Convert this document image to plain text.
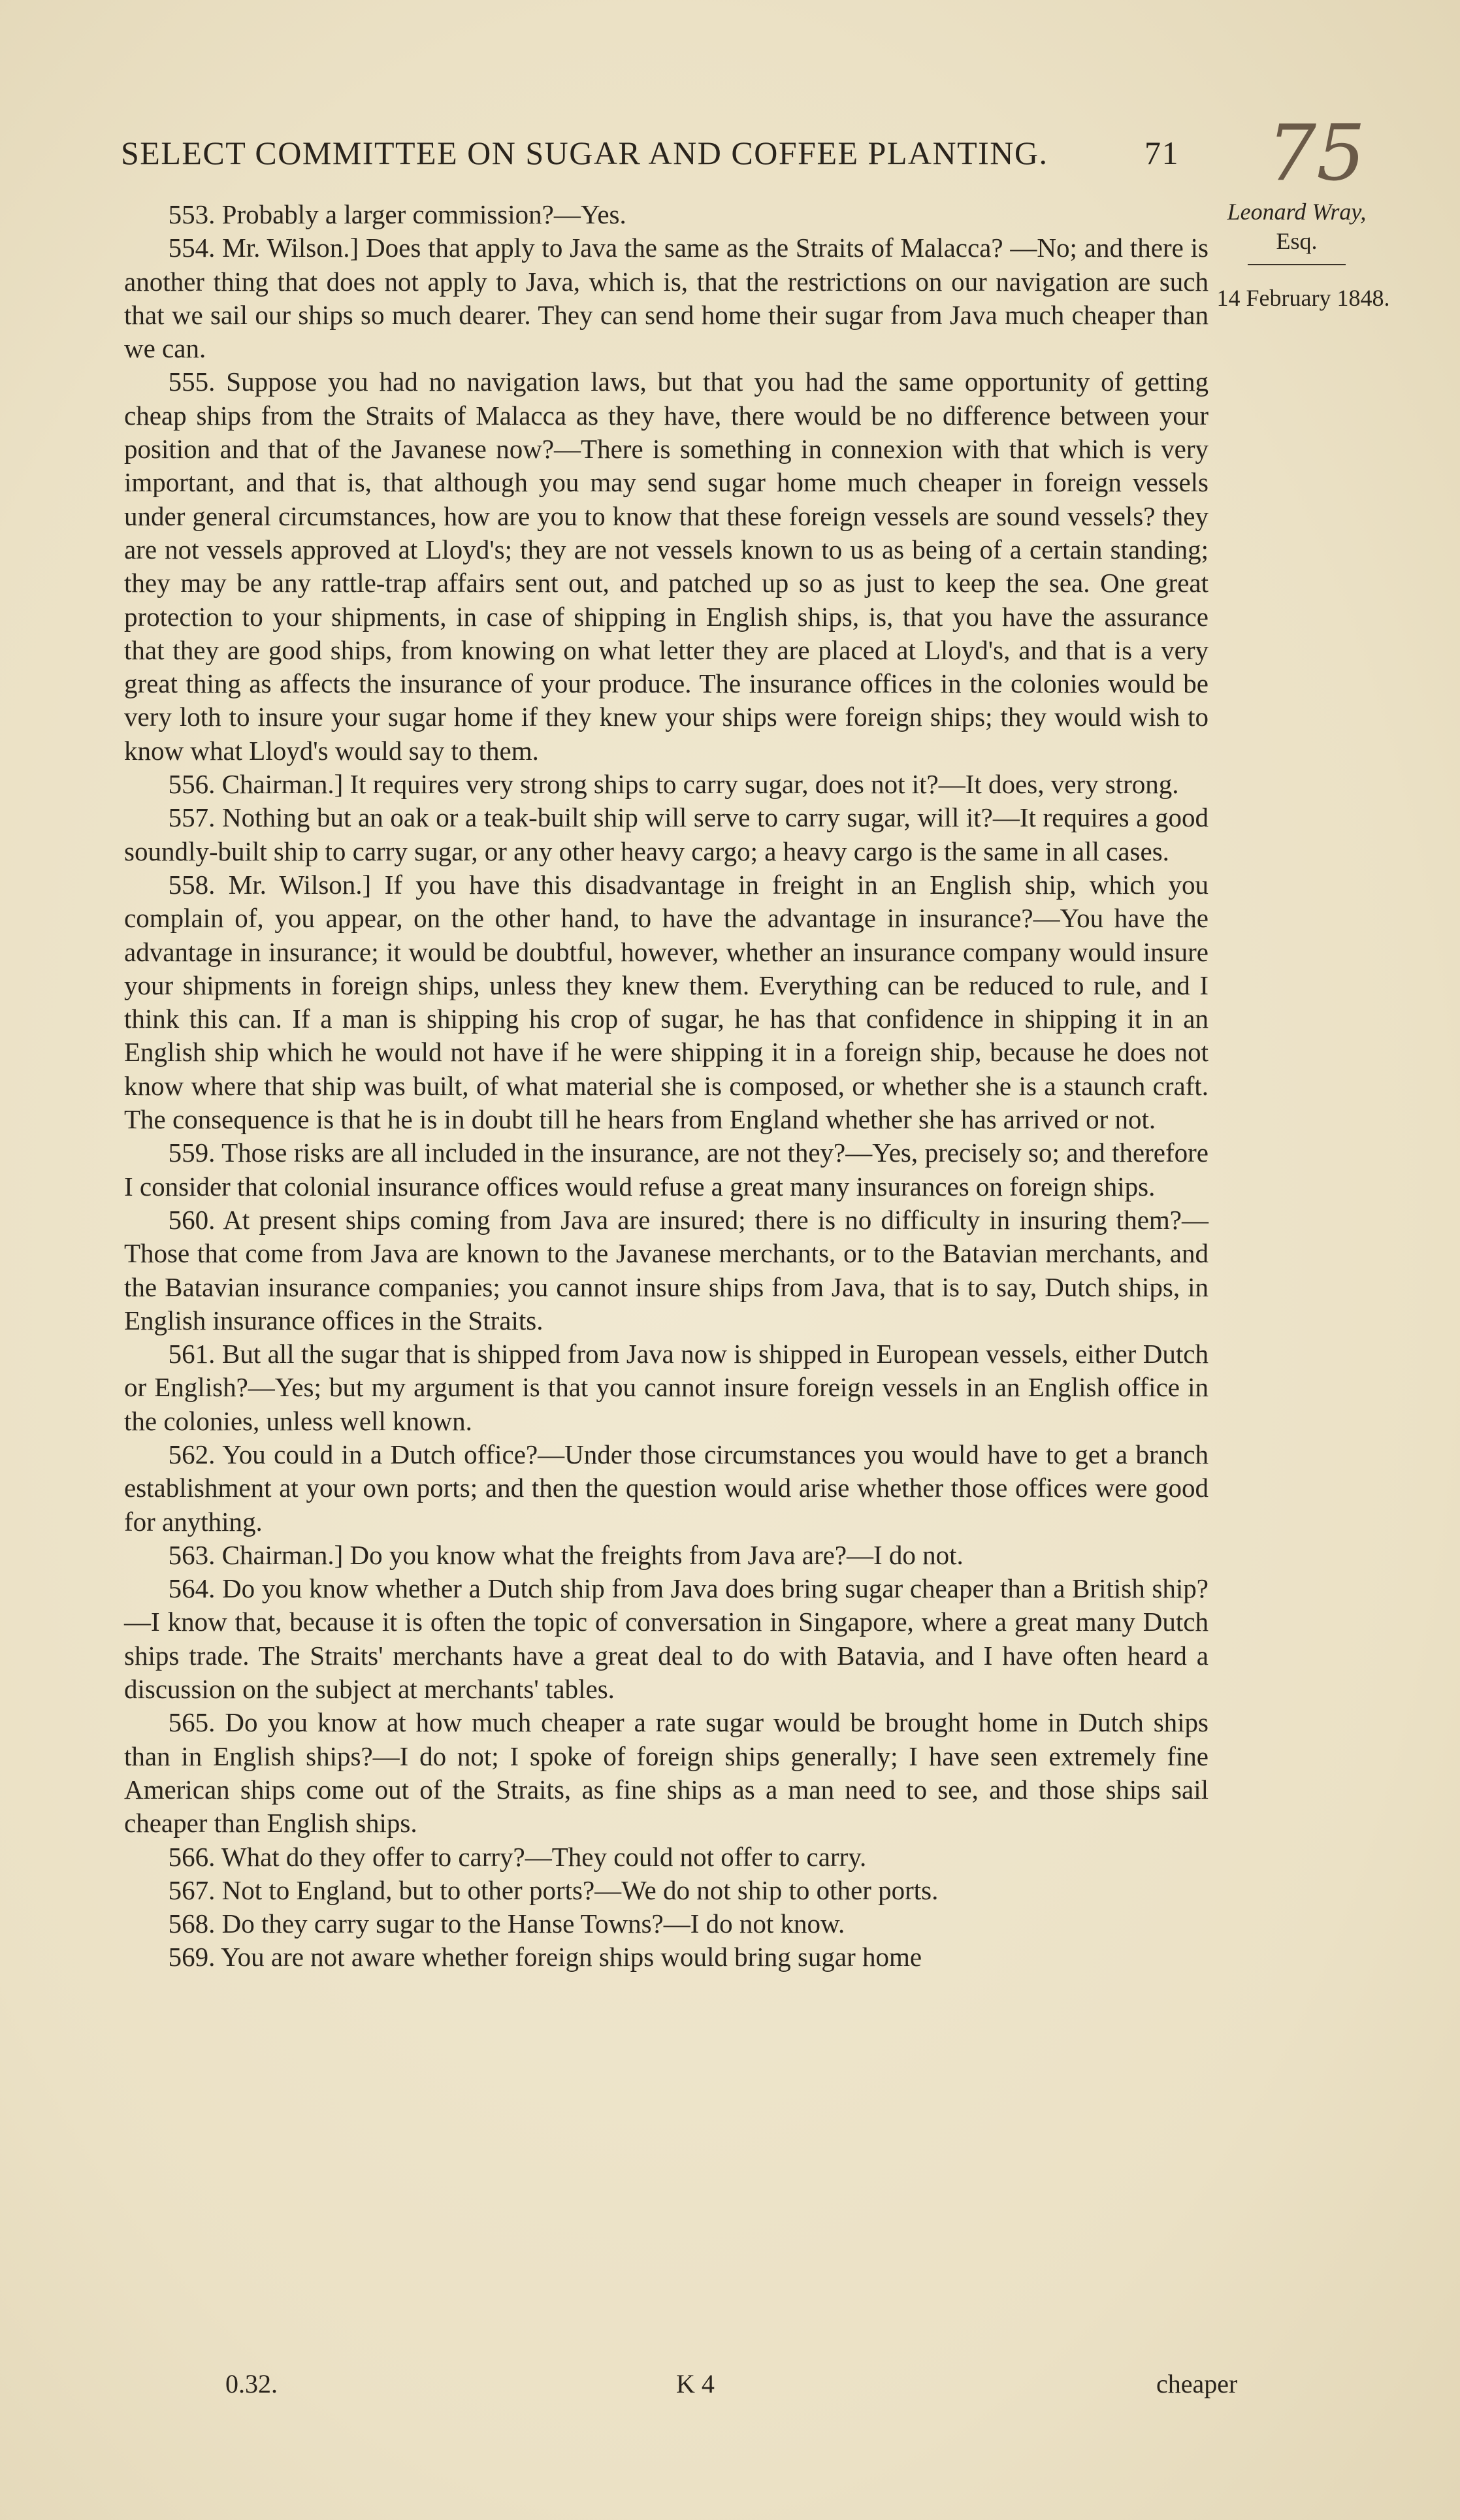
SELECT COMMITTEE ON SUGAR AND COFFEE PLANTING.	71 75
Leonard Wray,
Esq.
14 February 1848.

553. Probably a larger commission?—Yes.

554. Mr. Wilson.] Does that apply to Java the same as the Straits of Malacca? —No; and there is another thing that does not apply to Java, which is, that the restrictions on our navigation are such that we sail our ships so much dearer. They can send home their sugar from Java much cheaper than we can.

555. Suppose you had no navigation laws, but that you had the same opportunity of getting cheap ships from the Straits of Malacca as they have, there would be no difference between your position and that of the Javanese now?—There is something in connexion with that which is very important, and that is, that although you may send sugar home much cheaper in foreign vessels under general circumstances, how are you to know that these foreign vessels are sound vessels? they are not vessels approved at Lloyd's; they are not vessels known to us as being of a certain standing; they may be any rattle-trap affairs sent out, and patched up so as just to keep the sea. One great protection to your shipments, in case of shipping in English ships, is, that you have the assurance that they are good ships, from knowing on what letter they are placed at Lloyd's, and that is a very great thing as affects the insurance of your produce. The insurance offices in the colonies would be very loth to insure your sugar home if they knew your ships were foreign ships; they would wish to know what Lloyd's would say to them.

556. Chairman.] It requires very strong ships to carry sugar, does not it?—It does, very strong.

557. Nothing but an oak or a teak-built ship will serve to carry sugar, will it?—It requires a good soundly-built ship to carry sugar, or any other heavy cargo; a heavy cargo is the same in all cases.

558. Mr. Wilson.] If you have this disadvantage in freight in an English ship, which you complain of, you appear, on the other hand, to have the advantage in insurance?—You have the advantage in insurance; it would be doubtful, however, whether an insurance company would insure your shipments in foreign ships, unless they knew them. Everything can be reduced to rule, and I think this can. If a man is shipping his crop of sugar, he has that confidence in shipping it in an English ship which he would not have if he were shipping it in a foreign ship, because he does not know where that ship was built, of what material she is composed, or whether she is a staunch craft. The consequence is that he is in doubt till he hears from England whether she has arrived or not.

559. Those risks are all included in the insurance, are not they?—Yes, precisely so; and therefore I consider that colonial insurance offices would refuse a great many insurances on foreign ships.

560. At present ships coming from Java are insured; there is no difficulty in insuring them?—Those that come from Java are known to the Javanese merchants, or to the Batavian merchants, and the Batavian insurance companies; you cannot insure ships from Java, that is to say, Dutch ships, in English insurance offices in the Straits.

561. But all the sugar that is shipped from Java now is shipped in European vessels, either Dutch or English?—Yes; but my argument is that you cannot insure foreign vessels in an English office in the colonies, unless well known.

562. You could in a Dutch office?—Under those circumstances you would have to get a branch establishment at your own ports; and then the question would arise whether those offices were good for anything.

563. Chairman.] Do you know what the freights from Java are?—I do not.

564. Do you know whether a Dutch ship from Java does bring sugar cheaper than a British ship?—I know that, because it is often the topic of conversation in Singapore, where a great many Dutch ships trade. The Straits' merchants have a great deal to do with Batavia, and I have often heard a discussion on the subject at merchants' tables.

565. Do you know at how much cheaper a rate sugar would be brought home in Dutch ships than in English ships?—I do not; I spoke of foreign ships generally; I have seen extremely fine American ships come out of the Straits, as fine ships as a man need to see, and those ships sail cheaper than English ships.

566. What do they offer to carry?—They could not offer to carry.

567. Not to England, but to other ports?—We do not ship to other ports.

568. Do they carry sugar to the Hanse Towns?—I do not know.

569. You are not aware whether foreign ships would bring sugar home

0.32.	K 4	cheaper
